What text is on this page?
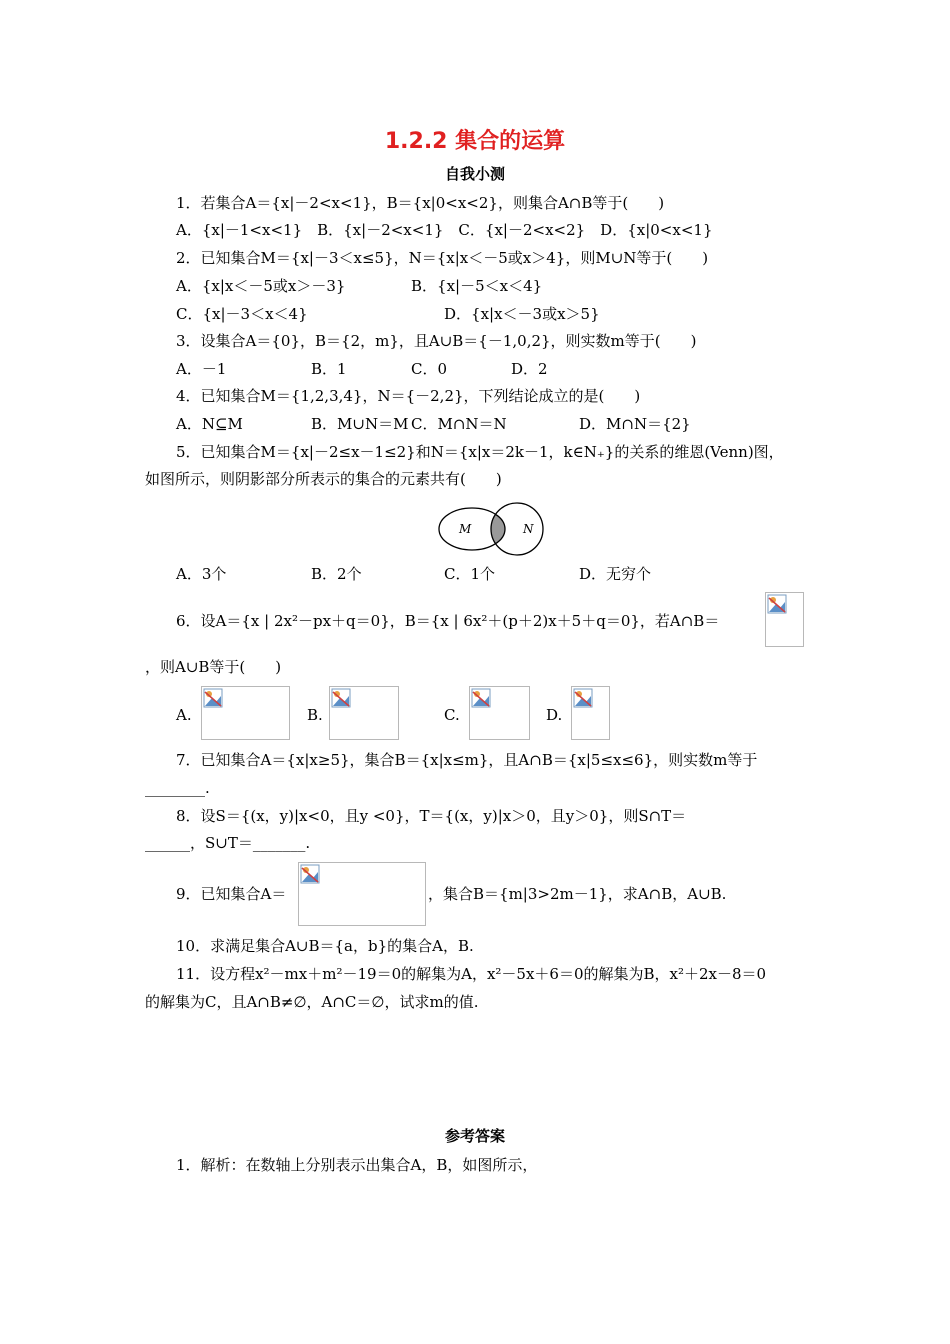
1.2.2 集合的运算
自我小测
1．若集合A＝{x|－2<x<1}，B＝{x|0<x<2}，则集合A∩B等于(　　)
A．{x|－1<x<1}　B．{x|－2<x<1}　C．{x|－2<x<2}　D．{x|0<x<1}
2．已知集合M＝{x|－3＜x≤5}，N＝{x|x＜－5或x＞4}，则M∪N等于(　　)
A．{x|x＜－5或x＞－3}	B．{x|－5＜x＜4}
C．{x|－3＜x＜4}	D．{x|x＜－3或x＞5}
3．设集合A＝{0}，B＝{2，m}，且A∪B＝{－1,0,2}，则实数m等于(　　)
A．－1	B．1	C．0	D．2
4．已知集合M＝{1,2,3,4}，N＝{－2,2}，下列结论成立的是(　　)
A．N⊆M	B．M∪N＝M C．M∩N＝N	D．M∩N＝{2}
5．已知集合M＝{x|－2≤x－1≤2}和N＝{x|x＝2k－1，k∈N₊}的关系的维恩(Venn)图，
如图所示，则阴影部分所表示的集合的元素共有(　　)
M	N
A．3个	B．2个	C．1个	D．无穷个
6．设A＝{x | 2x²－px＋q＝0}，B＝{x | 6x²＋(p＋2)x＋5＋q＝0}，若A∩B＝
，则A∪B等于(　　)
A.	B.	C.	D.
7．已知集合A＝{x|x≥5}，集合B＝{x|x≤m}，且A∩B＝{x|5≤x≤6}，则实数m等于
________.
8．设S＝{(x，y)|x<0，且y <0}，T＝{(x，y)|x＞0，且y＞0}，则S∩T＝
______，S∪T＝_______.
9．已知集合A＝	，集合B＝{m|3>2m－1}，求A∩B，A∪B.
10．求满足集合A∪B＝{a，b}的集合A，B.
11．设方程x²－mx＋m²－19＝0的解集为A，x²－5x＋6＝0的解集为B，x²＋2x－8＝0
的解集为C，且A∩B≠∅，A∩C＝∅，试求m的值.
参考答案
1．解析：在数轴上分别表示出集合A，B，如图所示，
